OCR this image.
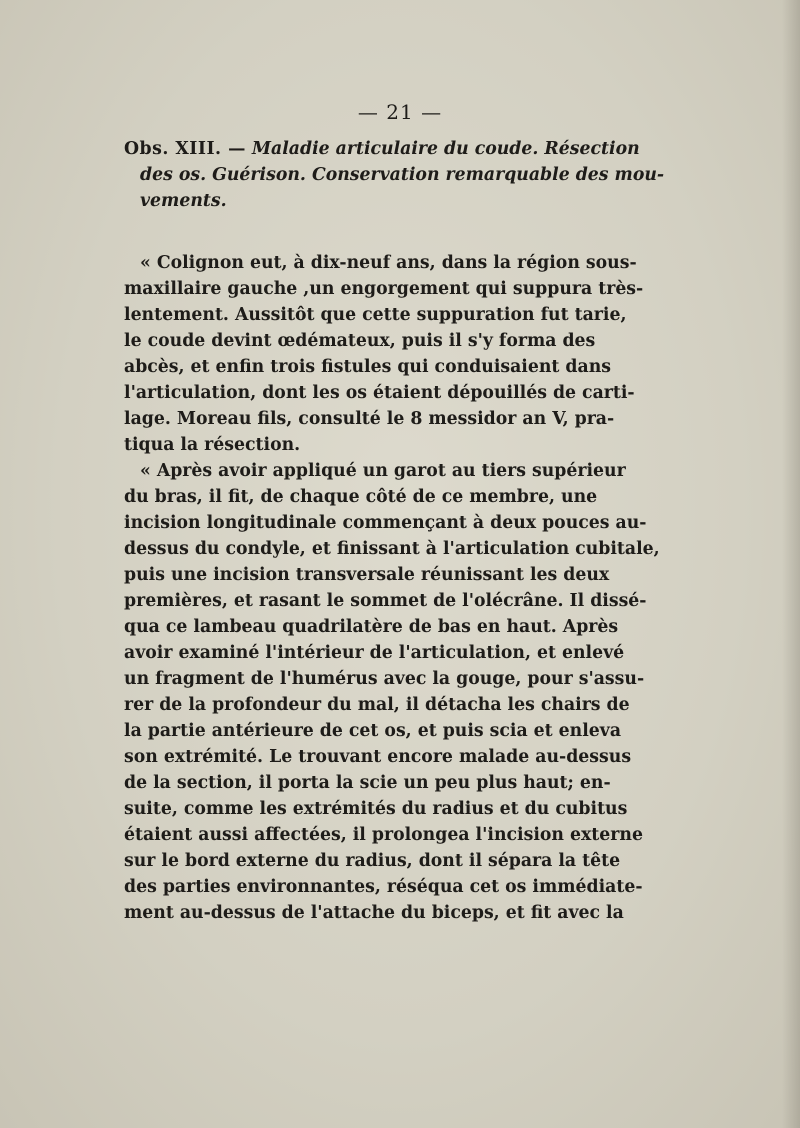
— 21 —
Obs. XIII. — Maladie articulaire du coude. Résection
des os. Guérison. Conservation remarquable des mou-
vements.
« Colignon eut, à dix-neuf ans, dans la région sous-
maxillaire gauche ,un engorgement qui suppura très-
lentement. Aussitôt que cette suppuration fut tarie,
le coude devint œdémateux, puis il s'y forma des
abcès, et enfin trois fistules qui conduisaient dans
l'articulation, dont les os étaient dépouillés de carti-
lage. Moreau fils, consulté le 8 messidor an V, pra-
tiqua la résection.
« Après avoir appliqué un garot au tiers supérieur
du bras, il fit, de chaque côté de ce membre, une
incision longitudinale commençant à deux pouces au-
dessus du condyle, et finissant à l'articulation cubitale,
puis une incision transversale réunissant les deux
premières, et rasant le sommet de l'olécrâne. Il dissé-
qua ce lambeau quadrilatère de bas en haut. Après
avoir examiné l'intérieur de l'articulation, et enlevé
un fragment de l'humérus avec la gouge, pour s'assu-
rer de la profondeur du mal, il détacha les chairs de
la partie antérieure de cet os, et puis scia et enleva
son extrémité. Le trouvant encore malade au-dessus
de la section, il porta la scie un peu plus haut; en-
suite, comme les extrémités du radius et du cubitus
étaient aussi affectées, il prolongea l'incision externe
sur le bord externe du radius, dont il sépara la tête
des parties environnantes, réséqua cet os immédiate-
ment au-dessus de l'attache du biceps, et fit avec la
